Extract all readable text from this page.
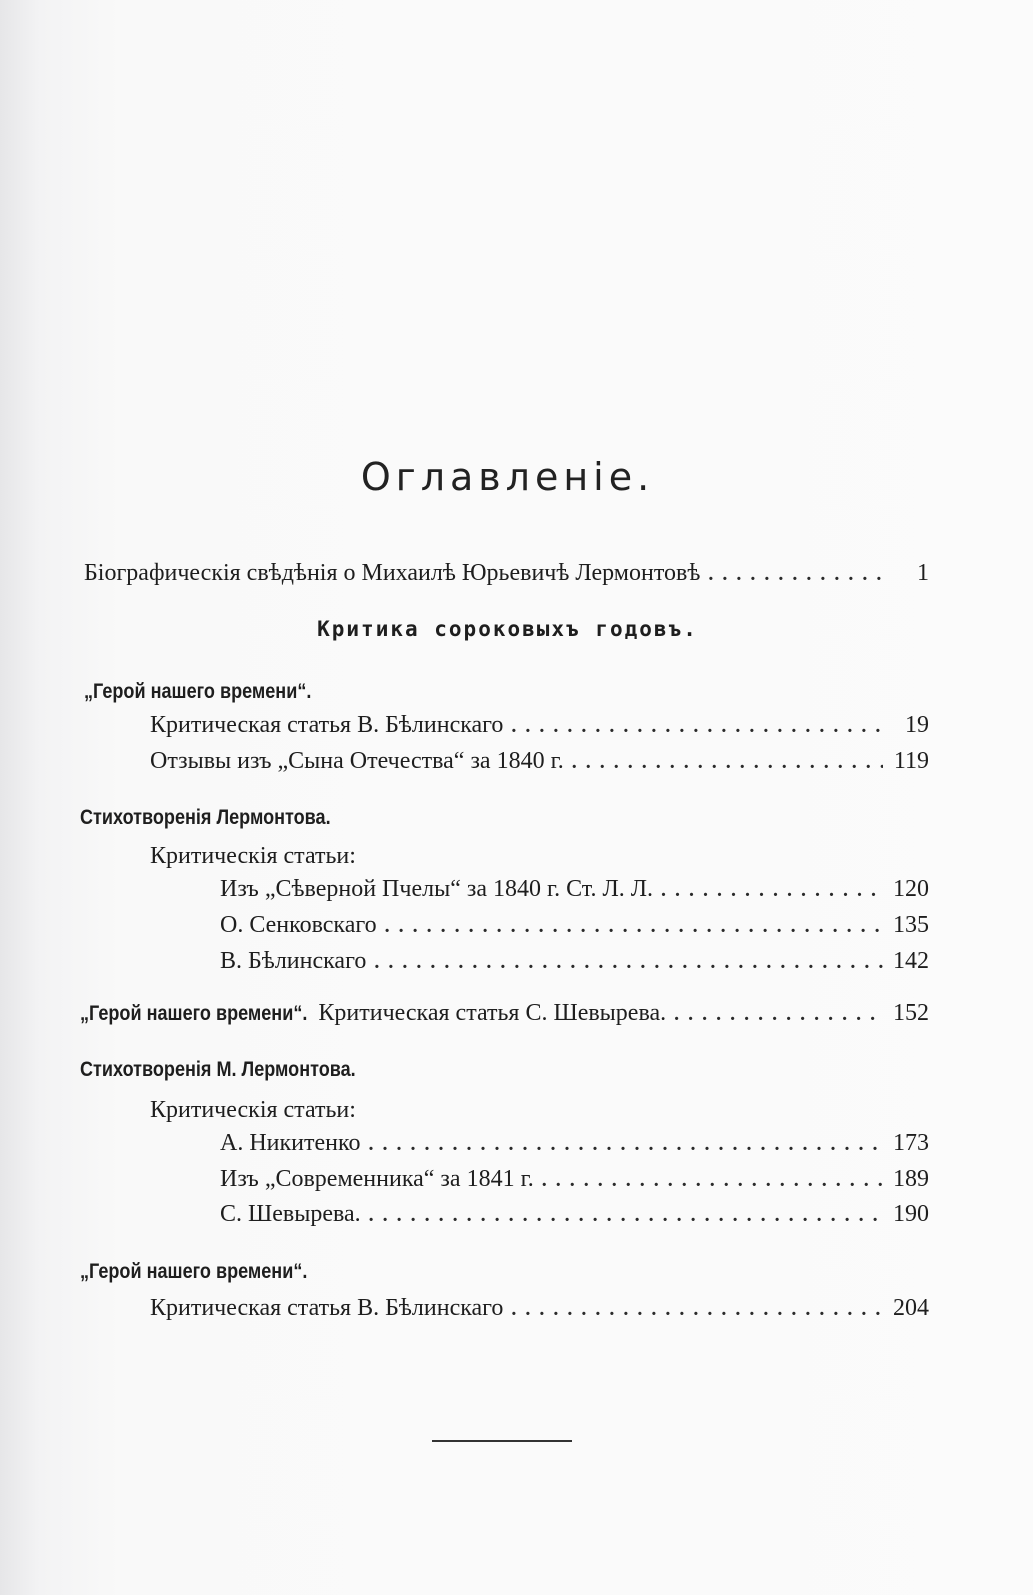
Оглавленiе.
Бiографическiя свѣдѣнiя о Михаилѣ Юрьевичѣ Лермонтовѣ . . .	1
Критика сороковыхъ годовъ.
„Герой нашего времени“.
Критическая статья В. Бѣлинскаго . . .	19
Отзывы изъ „Сына Отечества“ за 1840 г. . . .	119
Стихотворенiя Лермонтова.
Критическiя статьи:
Изъ „Сѣверной Пчелы“ за 1840 г. Ст. Л. Л. . . .	120
О. Сенковскаго . . .	135
В. Бѣлинскаго . . .	142
„Герой нашего времени“. Критическая статья С. Шевырева. . . .	152
Стихотворенiя М. Лермонтова.
Критическiя статьи:
А. Никитенко . . .	173
Изъ „Современника“ за 1841 г. . . .	189
С. Шевырева. . . .	190
„Герой нашего времени“.
Критическая статья В. Бѣлинскаго . . .	204
